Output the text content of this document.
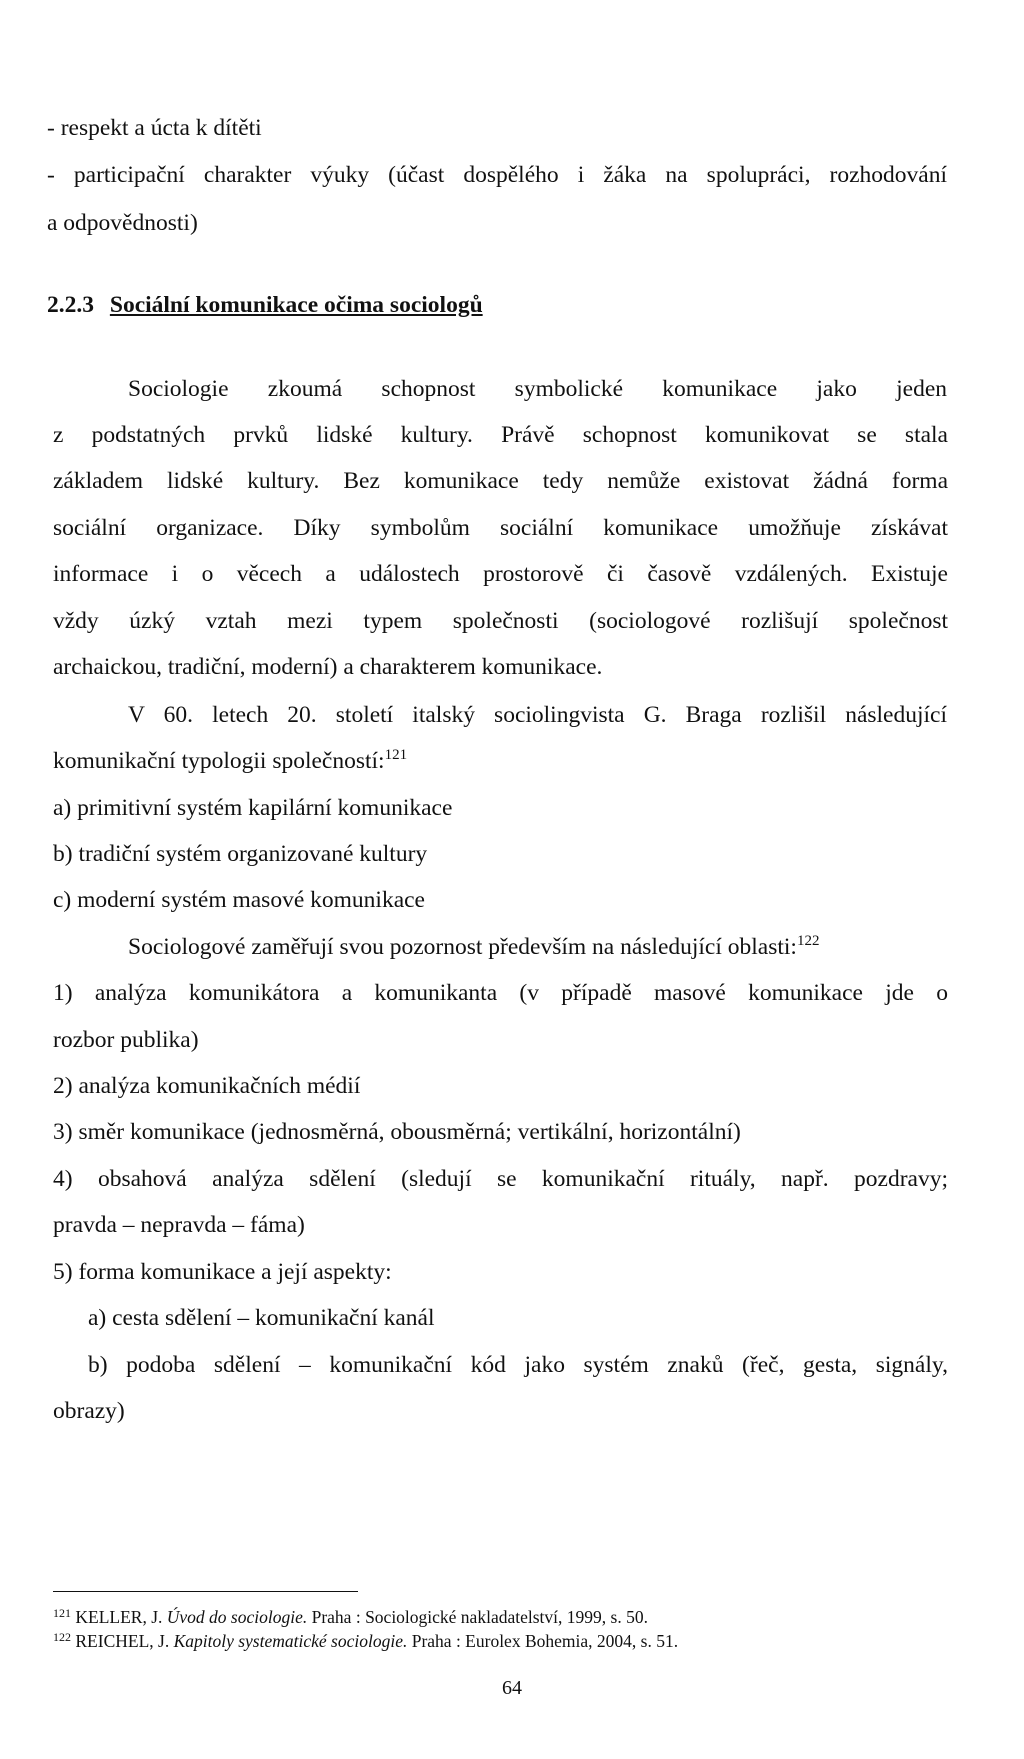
- respekt a úcta k dítěti
- participační charakter výuky (účast dospělého i žáka na spolupráci, rozhodování
a odpovědnosti)
2.2.3 Sociální komunikace očima sociologů
Sociologie zkoumá schopnost symbolické komunikace jako jeden
z podstatných prvků lidské kultury. Právě schopnost komunikovat se stala
základem lidské kultury. Bez komunikace tedy nemůže existovat žádná forma
sociální organizace. Díky symbolům sociální komunikace umožňuje získávat
informace i o věcech a událostech prostorově či časově vzdálených. Existuje
vždy úzký vztah mezi typem společnosti (sociologové rozlišují společnost
archaickou, tradiční, moderní) a charakterem komunikace.
V 60. letech 20. století italský sociolingvista G. Braga rozlišil následující
komunikační typologii společností:$^{121}$
a) primitivní systém kapilární komunikace
b) tradiční systém organizované kultury
c) moderní systém masové komunikace
Sociologové zaměřují svou pozornost především na následující oblasti:$^{122}$
1) analýza komunikátora a komunikanta (v případě masové komunikace jde o
rozbor publika)
2) analýza komunikačních médií
3) směr komunikace (jednosměrná, obousměrná; vertikální, horizontální)
4) obsahová analýza sdělení (sledují se komunikační rituály, např. pozdravy;
pravda – nepravda – fáma)
5) forma komunikace a její aspekty:
a) cesta sdělení – komunikační kanál
b) podoba sdělení – komunikační kód jako systém znaků (řeč, gesta, signály,
obrazy)
$^{121}$ KELLER, J. Úvod do sociologie. Praha : Sociologické nakladatelství, 1999, s. 50.
$^{122}$ REICHEL, J. Kapitoly systematické sociologie. Praha : Eurolex Bohemia, 2004, s. 51.
64
